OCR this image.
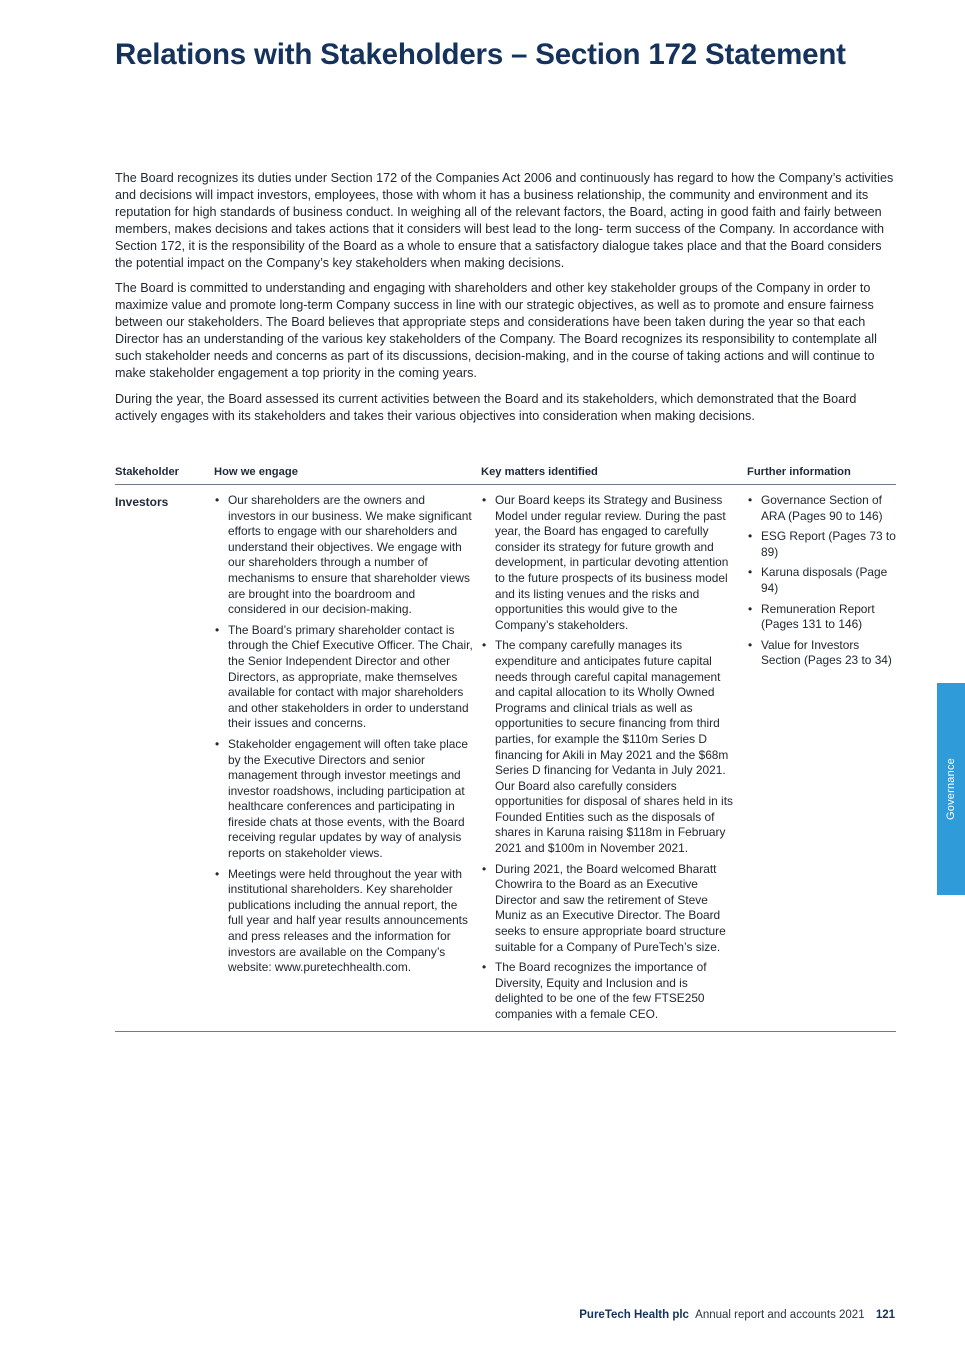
Relations with Stakeholders – Section 172 Statement

The Board recognizes its duties under Section 172 of the Companies Act 2006 and continuously has regard to how the Company’s activities and decisions will impact investors, employees, those with whom it has a business relationship, the community and environment and its reputation for high standards of business conduct. In weighing all of the relevant factors, the Board, acting in good faith and fairly between members, makes decisions and takes actions that it considers will best lead to the long- term success of the Company. In accordance with Section 172, it is the responsibility of the Board as a whole to ensure that a satisfactory dialogue takes place and that the Board considers the potential impact on the Company’s key stakeholders when making decisions.

The Board is committed to understanding and engaging with shareholders and other key stakeholder groups of the Company in order to maximize value and promote long-term Company success in line with our strategic objectives, as well as to promote and ensure fairness between our stakeholders. The Board believes that appropriate steps and considerations have been taken during the year so that each Director has an understanding of the various key stakeholders of the Company. The Board recognizes its responsibility to contemplate all such stakeholder needs and concerns as part of its discussions, decision-making, and in the course of taking actions and will continue to make stakeholder engagement a top priority in the coming years.

During the year, the Board assessed its current activities between the Board and its stakeholders, which demonstrated that the Board actively engages with its stakeholders and takes their various objectives into consideration when making decisions.

Stakeholder	How we engage	Key matters identified	Further information
Investors
•	Our shareholders are the owners and investors in our business. We make significant efforts to engage with our shareholders and understand their objectives. We engage with our shareholders through a number of mechanisms to ensure that shareholder views are brought into the boardroom and considered in our decision-making.
• The Board’s primary shareholder contact is through the Chief Executive Officer. The Chair, the Senior Independent Director and other Directors, as appropriate, make themselves available for contact with major shareholders and other stakeholders in order to understand their issues and concerns.
• Stakeholder engagement will often take place by the Executive Directors and senior management through investor meetings and investor roadshows, including participation at healthcare conferences and participating in fireside chats at those events, with the Board receiving regular updates by way of analysis reports on stakeholder views.
• Meetings were held throughout the year with institutional shareholders. Key shareholder publications including the annual report, the full year and half year results announcements and press releases and the information for investors are available on the Company’s website: www.puretechhealth.com.
• Our Board keeps its Strategy and Business Model under regular review. During the past year, the Board has engaged to carefully consider its strategy for future growth and development, in particular devoting attention to the future prospects of its business model and its listing venues and the risks and opportunities this would give to the Company’s stakeholders.
• The company carefully manages its expenditure and anticipates future capital needs through careful capital management and capital allocation to its Wholly Owned Programs and clinical trials as well as opportunities to secure financing from third parties, for example the $110m Series D financing for Akili in May 2021 and the $68m Series D financing for Vedanta in July 2021. Our Board also carefully considers opportunities for disposal of shares held in its Founded Entities such as the disposals of shares in Karuna raising $118m in February 2021 and $100m in November 2021.
• During 2021, the Board welcomed Bharatt Chowrira to the Board as an Executive Director and saw the retirement of Steve Muniz as an Executive Director. The Board seeks to ensure appropriate board structure suitable for a Company of PureTech’s size.
• The Board recognizes the importance of Diversity, Equity and Inclusion and is delighted to be one of the few FTSE250 companies with a female CEO.
• Governance Section of ARA (Pages 90 to 146)
• ESG Report (Pages 73 to 89)
• Karuna disposals (Page 94)
• Remuneration Report (Pages 131 to 146)
• Value for Investors Section (Pages 23 to 34)
Governance
PureTech Health plc Annual report and accounts 2021 121
